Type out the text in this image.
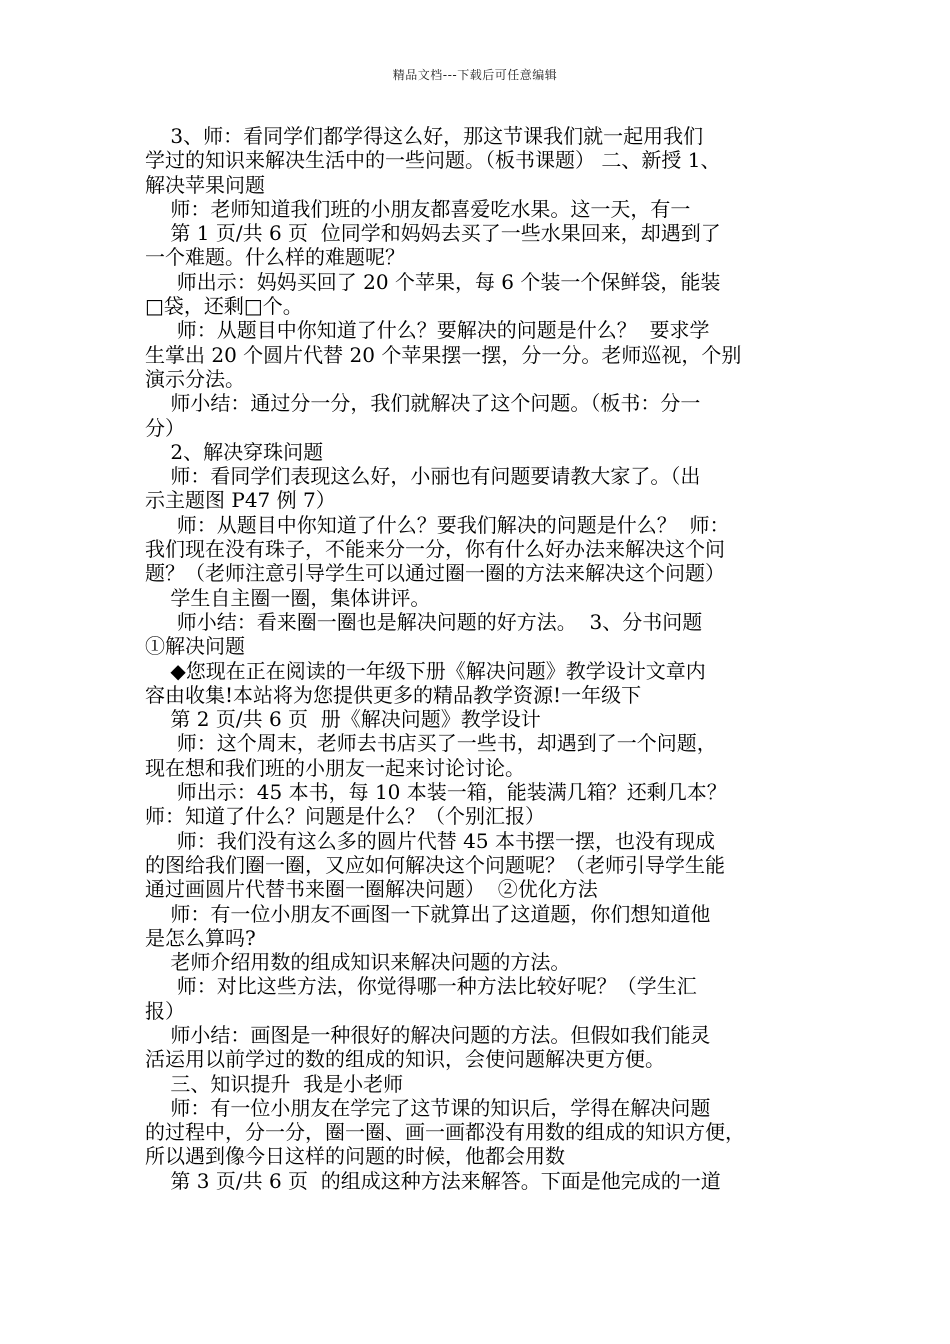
精品文档---下载后可任意编辑
3、师：看同学们都学得这么好，那这节课我们就一起用我们
学过的知识来解决生活中的一些问题。（板书课题） 二、新授 1、
解决苹果问题
师：老师知道我们班的小朋友都喜爱吃水果。这一天，有一
第 1 页/共 6 页  位同学和妈妈去买了一些水果回来，却遇到了
一个难题。什么样的难题呢？
师出示：妈妈买回了 20 个苹果，每 6 个装一个保鲜袋，能装
□袋，还剩□个。
师：从题目中你知道了什么？要解决的问题是什么？  要求学
生掌出 20 个圆片代替 20 个苹果摆一摆，分一分。老师巡视，个别
演示分法。
师小结：通过分一分，我们就解决了这个问题。（板书：分一
分）
2、解决穿珠问题
师：看同学们表现这么好，小丽也有问题要请教大家了。（出
示主题图 P47 例 7）
师：从题目中你知道了什么？要我们解决的问题是什么？  师：
我们现在没有珠子，不能来分一分，你有什么好办法来解决这个问
题？（老师注意引导学生可以通过圈一圈的方法来解决这个问题）
学生自主圈一圈，集体讲评。
师小结：看来圈一圈也是解决问题的好方法。  3、分书问题
①解决问题
◆您现在正在阅读的一年级下册《解决问题》教学设计文章内
容由收集!本站将为您提供更多的精品教学资源!一年级下
第 2 页/共 6 页  册《解决问题》教学设计
师：这个周末，老师去书店买了一些书，却遇到了一个问题，
现在想和我们班的小朋友一起来讨论讨论。
师出示：45 本书，每 10 本装一箱，能装满几箱？还剩几本？
师：知道了什么？问题是什么？（个别汇报）
师：我们没有这么多的圆片代替 45 本书摆一摆，也没有现成
的图给我们圈一圈，又应如何解决这个问题呢？（老师引导学生能
通过画圆片代替书来圈一圈解决问题）  ②优化方法
师：有一位小朋友不画图一下就算出了这道题，你们想知道他
是怎么算吗?
老师介绍用数的组成知识来解决问题的方法。
师：对比这些方法，你觉得哪一种方法比较好呢？（学生汇
报）
师小结：画图是一种很好的解决问题的方法。但假如我们能灵
活运用以前学过的数的组成的知识，会使问题解决更方便。
三、知识提升  我是小老师
师：有一位小朋友在学完了这节课的知识后，学得在解决问题
的过程中，分一分，圈一圈、画一画都没有用数的组成的知识方便，
所以遇到像今日这样的问题的时候，他都会用数
第 3 页/共 6 页  的组成这种方法来解答。下面是他完成的一道
